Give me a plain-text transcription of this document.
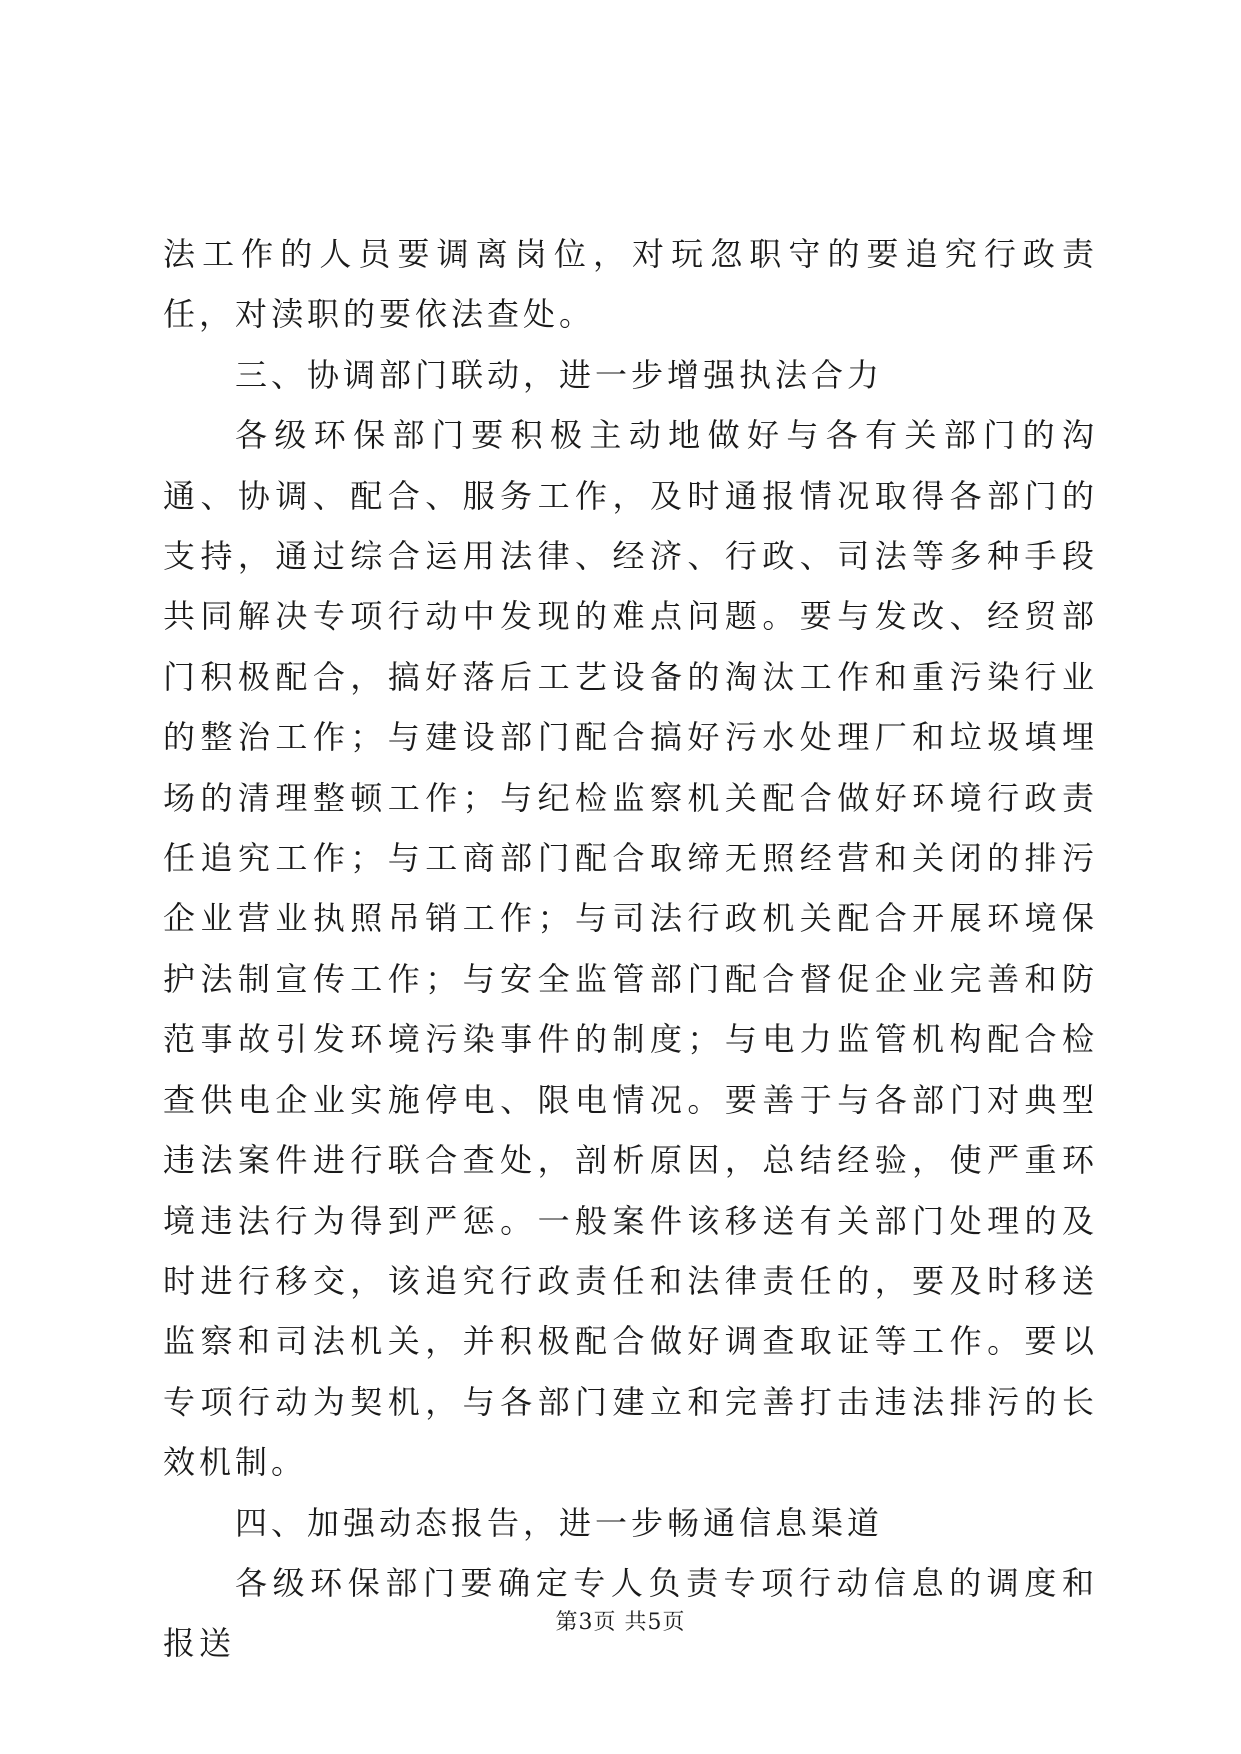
法工作的人员要调离岗位，对玩忽职守的要追究行政责任，对渎职的要依法查处。

三、协调部门联动，进一步增强执法合力

各级环保部门要积极主动地做好与各有关部门的沟通、协调、配合、服务工作，及时通报情况取得各部门的支持，通过综合运用法律、经济、行政、司法等多种手段共同解决专项行动中发现的难点问题。要与发改、经贸部门积极配合，搞好落后工艺设备的淘汰工作和重污染行业的整治工作；与建设部门配合搞好污水处理厂和垃圾填埋场的清理整顿工作；与纪检监察机关配合做好环境行政责任追究工作；与工商部门配合取缔无照经营和关闭的排污企业营业执照吊销工作；与司法行政机关配合开展环境保护法制宣传工作；与安全监管部门配合督促企业完善和防范事故引发环境污染事件的制度；与电力监管机构配合检查供电企业实施停电、限电情况。要善于与各部门对典型违法案件进行联合查处，剖析原因，总结经验，使严重环境违法行为得到严惩。一般案件该移送有关部门处理的及时进行移交，该追究行政责任和法律责任的，要及时移送监察和司法机关，并积极配合做好调查取证等工作。要以专项行动为契机，与各部门建立和完善打击违法排污的长效机制。

四、加强动态报告，进一步畅通信息渠道

各级环保部门要确定专人负责专项行动信息的调度和报送

第3页 共5页
